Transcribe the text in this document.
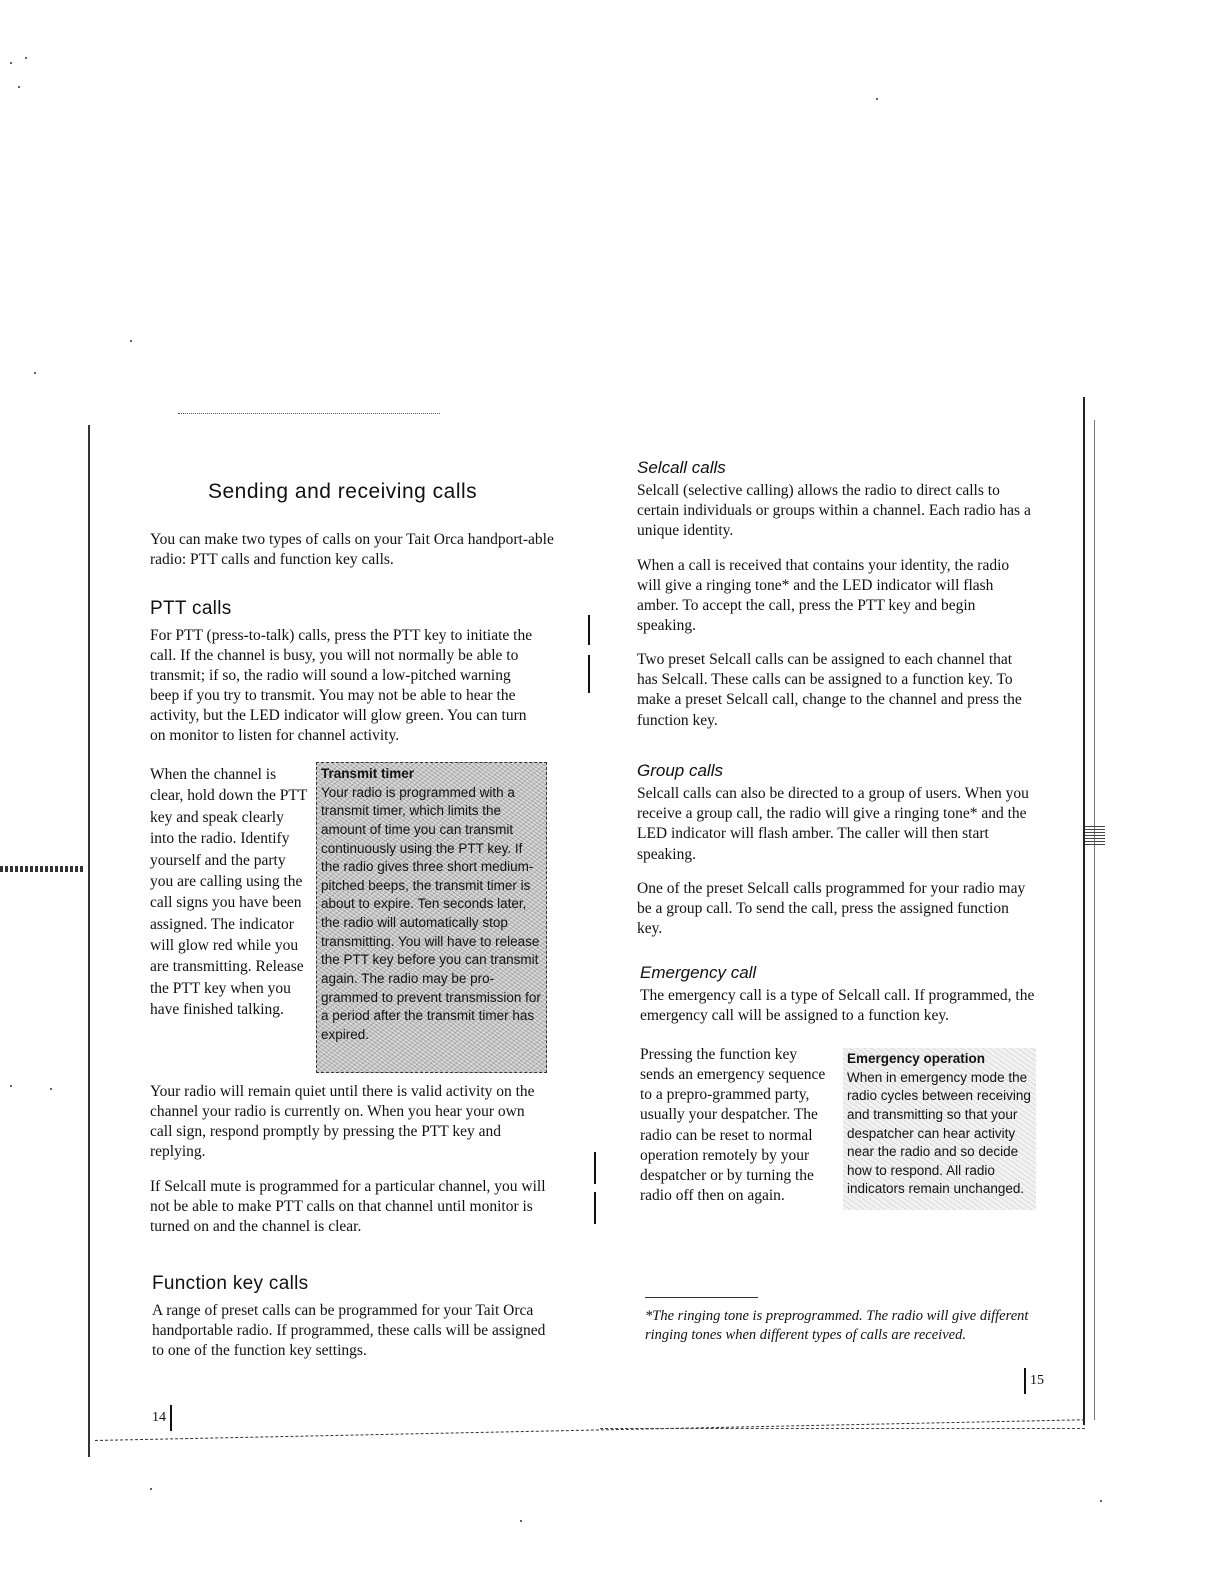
Sending and receiving calls

You can make two types of calls on your Tait Orca handport-able radio: PTT calls and function key calls.

PTT calls

For PTT (press-to-talk) calls, press the PTT key to initiate the call. If the channel is busy, you will not normally be able to transmit; if so, the radio will sound a low-pitched warning beep if you try to transmit. You may not be able to hear the activity, but the LED indicator will glow green. You can turn on monitor to listen for channel activity.

When the channel is clear, hold down the PTT key and speak clearly into the radio. Identify yourself and the party you are calling using the call signs you have been assigned. The indicator will glow red while you are transmitting. Release the PTT key when you have finished talking.

Transmit timer
Your radio is programmed with a transmit timer, which limits the amount of time you can transmit continuously using the PTT key. If the radio gives three short medium-pitched beeps, the transmit timer is about to expire. Ten seconds later, the radio will automatically stop transmitting. You will have to release the PTT key before you can transmit again. The radio may be pro-grammed to prevent transmission for a period after the transmit timer has expired.

Your radio will remain quiet until there is valid activity on the channel your radio is currently on. When you hear your own call sign, respond promptly by pressing the PTT key and replying.

If Selcall mute is programmed for a particular channel, you will not be able to make PTT calls on that channel until monitor is turned on and the channel is clear.

Function key calls

A range of preset calls can be programmed for your Tait Orca handportable radio. If programmed, these calls will be assigned to one of the function key settings.

14
Selcall calls

Selcall (selective calling) allows the radio to direct calls to certain individuals or groups within a channel. Each radio has a unique identity.

When a call is received that contains your identity, the radio will give a ringing tone* and the LED indicator will flash amber. To accept the call, press the PTT key and begin speaking.

Two preset Selcall calls can be assigned to each channel that has Selcall. These calls can be assigned to a function key. To make a preset Selcall call, change to the channel and press the function key.

Group calls

Selcall calls can also be directed to a group of users. When you receive a group call, the radio will give a ringing tone* and the LED indicator will flash amber. The caller will then start speaking.

One of the preset Selcall calls programmed for your radio may be a group call. To send the call, press the assigned function key.

Emergency call

The emergency call is a type of Selcall call. If programmed, the emergency call will be assigned to a function key.

Pressing the function key sends an emergency sequence to a prepro-grammed party, usually your despatcher. The radio can be reset to normal operation remotely by your despatcher or by turning the radio off then on again.

Emergency operation
When in emergency mode the radio cycles between receiving and transmitting so that your despatcher can hear activity near the radio and so decide how to respond. All radio indicators remain unchanged.
*The ringing tone is preprogrammed. The radio will give different ringing tones when different types of calls are received.
15
